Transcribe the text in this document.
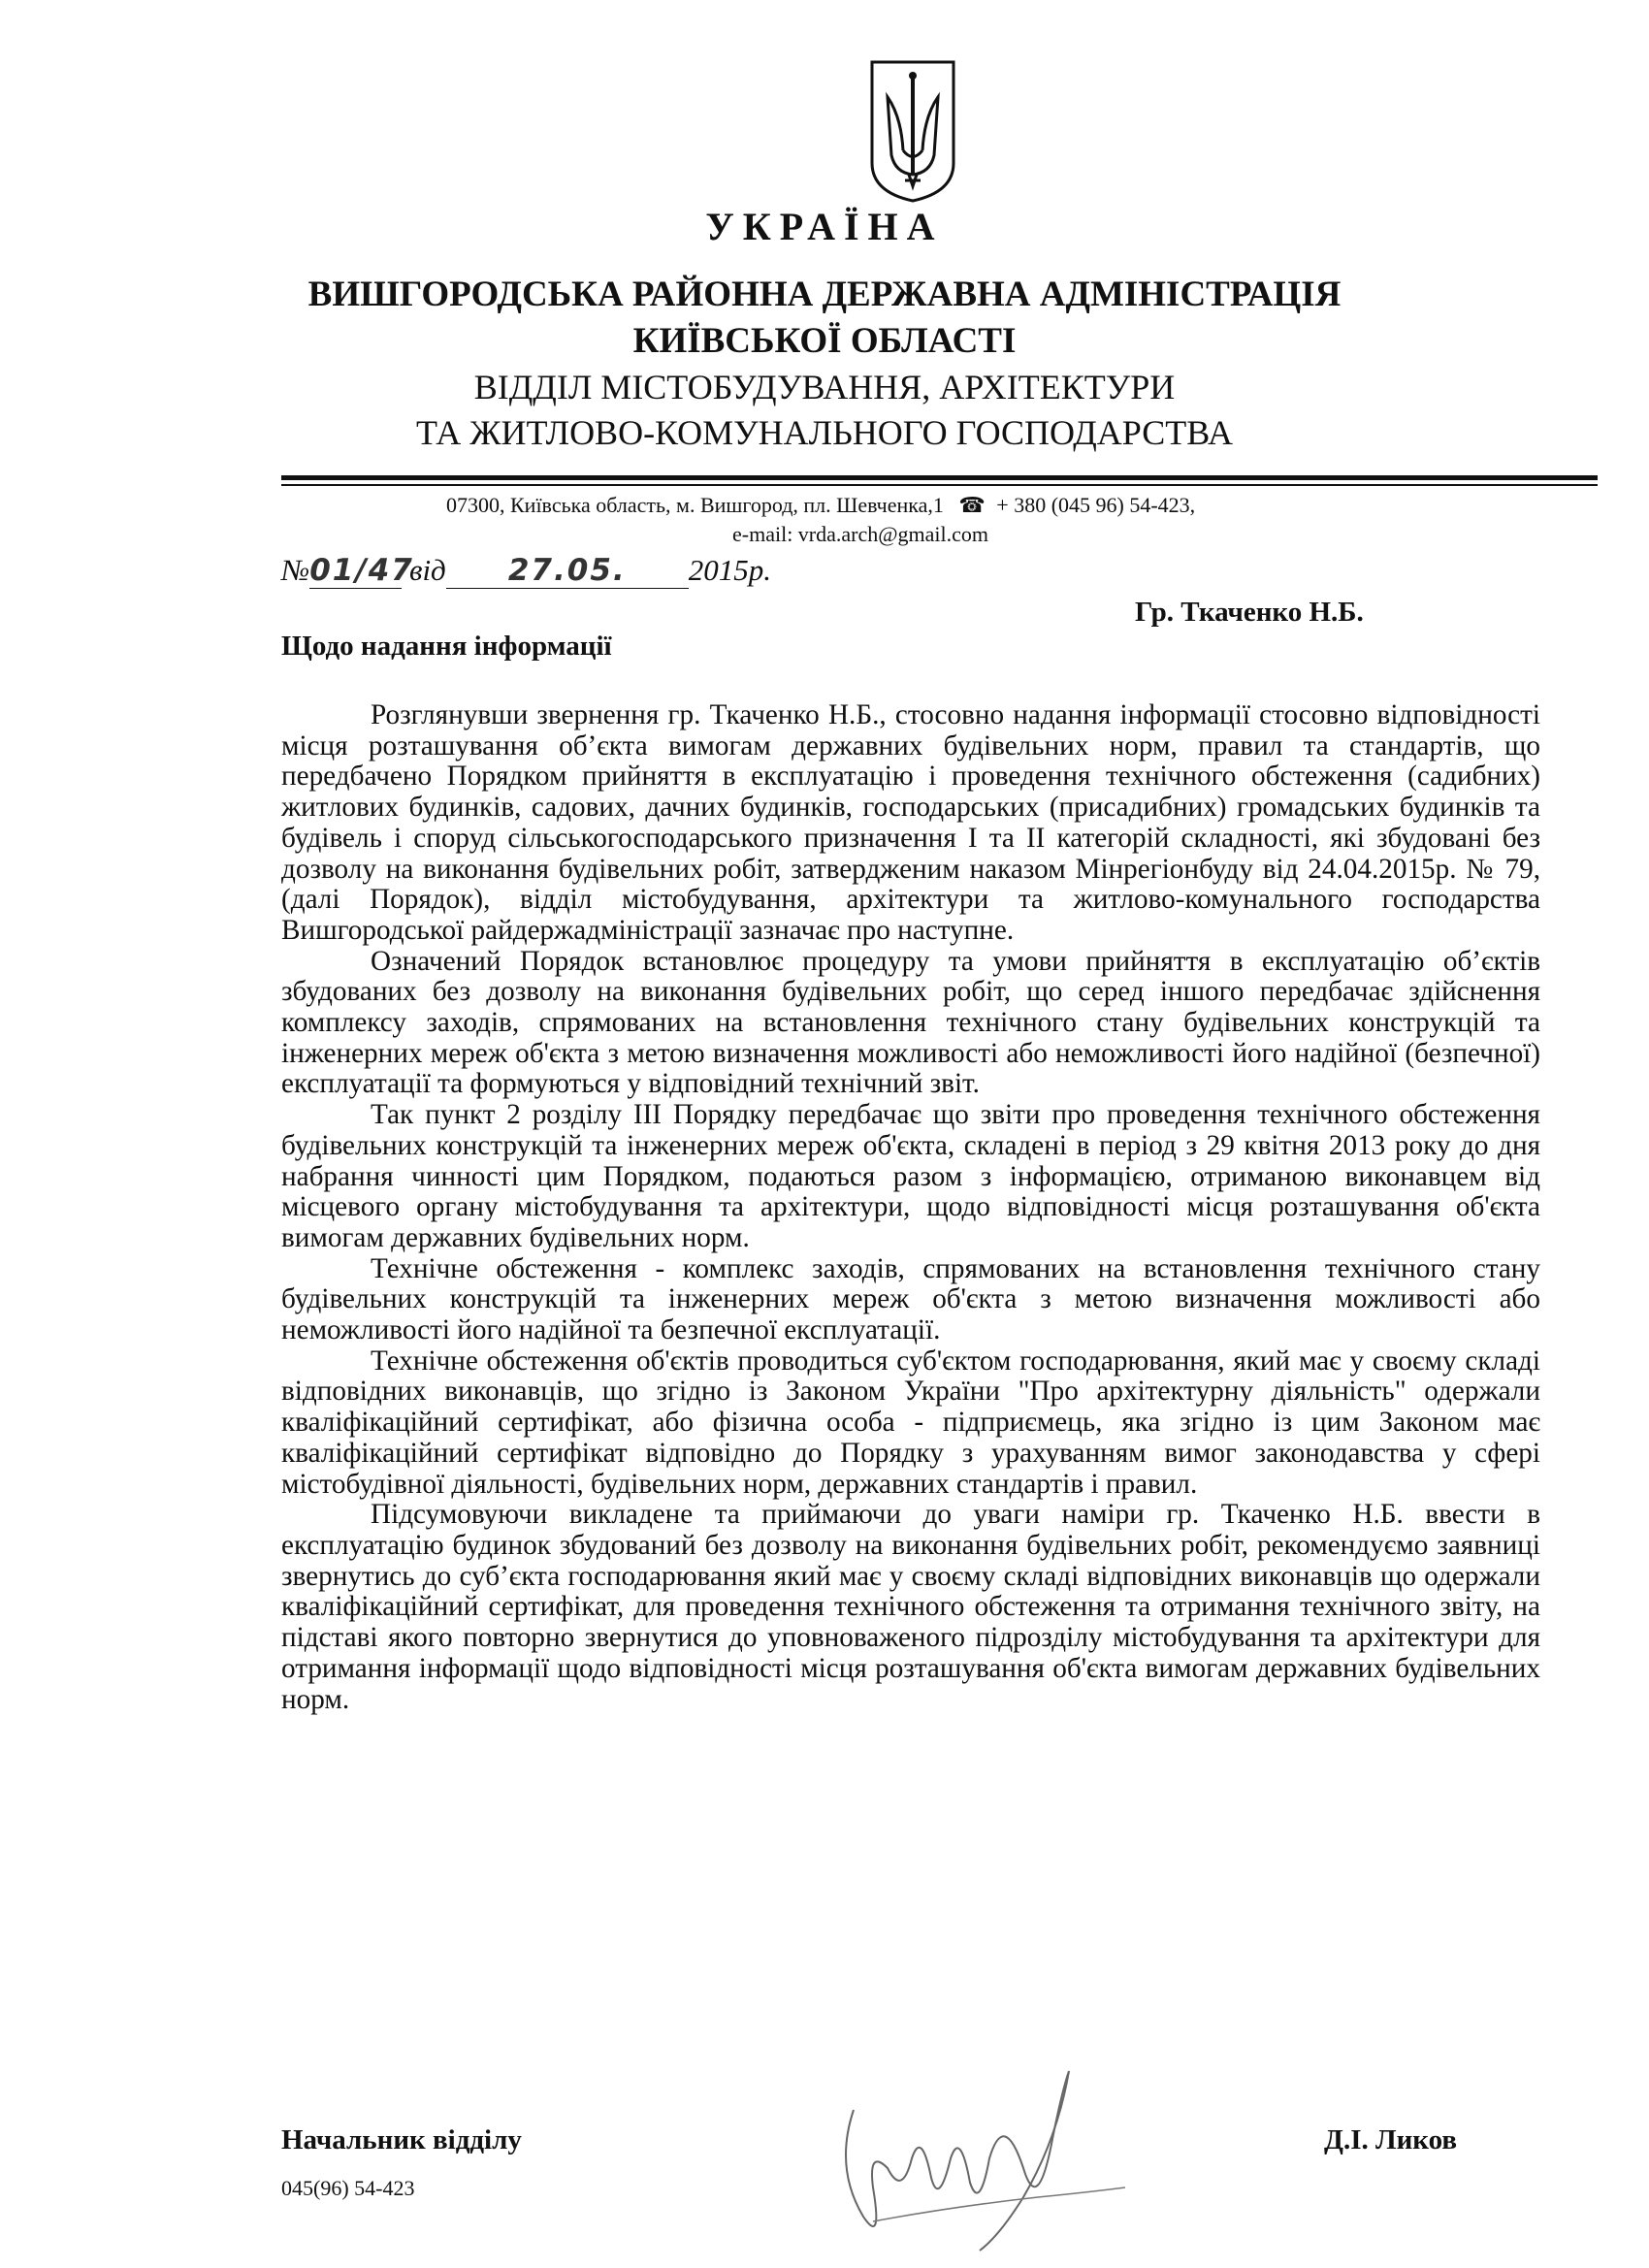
УКРАЇНА
ВИШГОРОДСЬКА РАЙОННА ДЕРЖАВНА АДМІНІСТРАЦІЯ
КИЇВСЬКОЇ ОБЛАСТІ
ВІДДІЛ МІСТОБУДУВАННЯ, АРХІТЕКТУРИ
ТА ЖИТЛОВО-КОМУНАЛЬНОГО ГОСПОДАРСТВА
07300, Київська область, м. Вишгород, пл. Шевченка,1 ☎ + 380 (045 96) 54-423,
e-mail: vrda.arch@gmail.com
№01/47 від 27.05. 2015р.
Гр. Ткаченко Н.Б.
Щодо надання інформації

Розглянувши звернення гр. Ткаченко Н.Б., стосовно надання інформації стосовно відповідності місця розташування об’єкта вимогам державних будівельних норм, правил та стандартів, що передбачено Порядком прийняття в експлуатацію і проведення технічного обстеження (садибних) житлових будинків, садових, дачних будинків, господарських (присадибних) громадських будинків та будівель і споруд сільськогосподарського призначення І та ІІ категорій складності, які збудовані без дозволу на виконання будівельних робіт, затвердженим наказом Мінрегіонбуду від 24.04.2015р. № 79, (далі Порядок), відділ містобудування, архітектури та житлово-комунального господарства Вишгородської райдержадміністрації зазначає про наступне.

Означений Порядок встановлює процедуру та умови прийняття в експлуатацію об’єктів збудованих без дозволу на виконання будівельних робіт, що серед іншого передбачає здійснення комплексу заходів, спрямованих на встановлення технічного стану будівельних конструкцій та інженерних мереж об'єкта з метою визначення можливості або неможливості його надійної (безпечної) експлуатації та формуються у відповідний технічний звіт.

Так пункт 2 розділу ІІІ Порядку передбачає що звіти про проведення технічного обстеження будівельних конструкцій та інженерних мереж об'єкта, складені в період з 29 квітня 2013 року до дня набрання чинності цим Порядком, подаються разом з інформацією, отриманою виконавцем від місцевого органу містобудування та архітектури, щодо відповідності місця розташування об'єкта вимогам державних будівельних норм.

Технічне обстеження - комплекс заходів, спрямованих на встановлення технічного стану будівельних конструкцій та інженерних мереж об'єкта з метою визначення можливості або неможливості його надійної та безпечної експлуатації.

Технічне обстеження об'єктів проводиться суб'єктом господарювання, який має у своєму складі відповідних виконавців, що згідно із Законом України "Про архітектурну діяльність" одержали кваліфікаційний сертифікат, або фізична особа - підприємець, яка згідно із цим Законом має кваліфікаційний сертифікат відповідно до Порядку з урахуванням вимог законодавства у сфері містобудівної діяльності, будівельних норм, державних стандартів і правил.

Підсумовуючи викладене та приймаючи до уваги наміри гр. Ткаченко Н.Б. ввести в експлуатацію будинок збудований без дозволу на виконання будівельних робіт, рекомендуємо заявниці звернутись до суб’єкта господарювання який має у своєму складі відповідних виконавців що одержали кваліфікаційний сертифікат, для проведення технічного обстеження та отримання технічного звіту, на підставі якого повторно звернутися до уповноваженого підрозділу містобудування та архітектури для отримання інформації щодо відповідності місця розташування об'єкта вимогам державних будівельних норм.

Начальник відділу	Д.І. Ликов
045(96) 54-423
